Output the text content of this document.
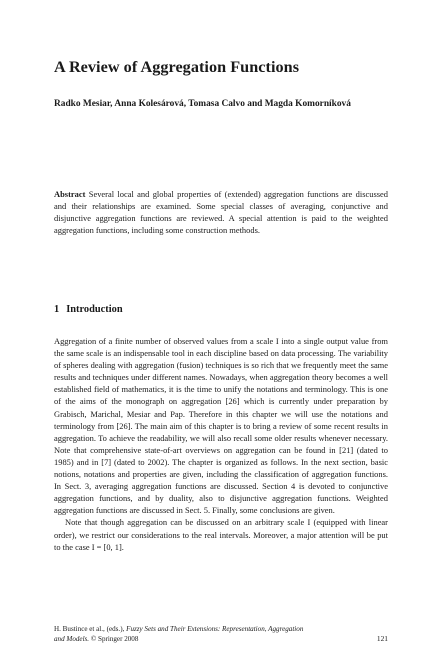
A Review of Aggregation Functions
Radko Mesiar, Anna Kolesárová, Tomasa Calvo and Magda Komorníková
Abstract Several local and global properties of (extended) aggregation functions are discussed and their relationships are examined. Some special classes of averaging, conjunctive and disjunctive aggregation functions are reviewed. A special attention is paid to the weighted aggregation functions, including some construction methods.
1 Introduction

Aggregation of a finite number of observed values from a scale I into a single output value from the same scale is an indispensable tool in each discipline based on data processing. The variability of spheres dealing with aggregation (fusion) techniques is so rich that we frequently meet the same results and techniques under different names. Nowadays, when aggregation theory becomes a well established field of mathematics, it is the time to unify the notations and terminology. This is one of the aims of the monograph on aggregation [26] which is currently under preparation by Grabisch, Marichal, Mesiar and Pap. Therefore in this chapter we will use the notations and terminology from [26]. The main aim of this chapter is to bring a review of some recent results in aggregation. To achieve the readability, we will also recall some older results whenever necessary. Note that comprehensive state-of-art overviews on aggregation can be found in [21] (dated to 1985) and in [7] (dated to 2002). The chapter is organized as follows. In the next section, basic notions, notations and properties are given, including the classification of aggregation functions. In Sect. 3, averaging aggregation functions are discussed. Section 4 is devoted to conjunctive aggregation functions, and by duality, also to disjunctive aggregation functions. Weighted aggregation functions are discussed in Sect. 5. Finally, some conclusions are given.

Note that though aggregation can be discussed on an arbitrary scale I (equipped with linear order), we restrict our considerations to the real intervals. Moreover, a major attention will be put to the case I = [0, 1].

H. Bustince et al., (eds.), Fuzzy Sets and Their Extensions: Representation, Aggregation
and Models. © Springer 2008	121
